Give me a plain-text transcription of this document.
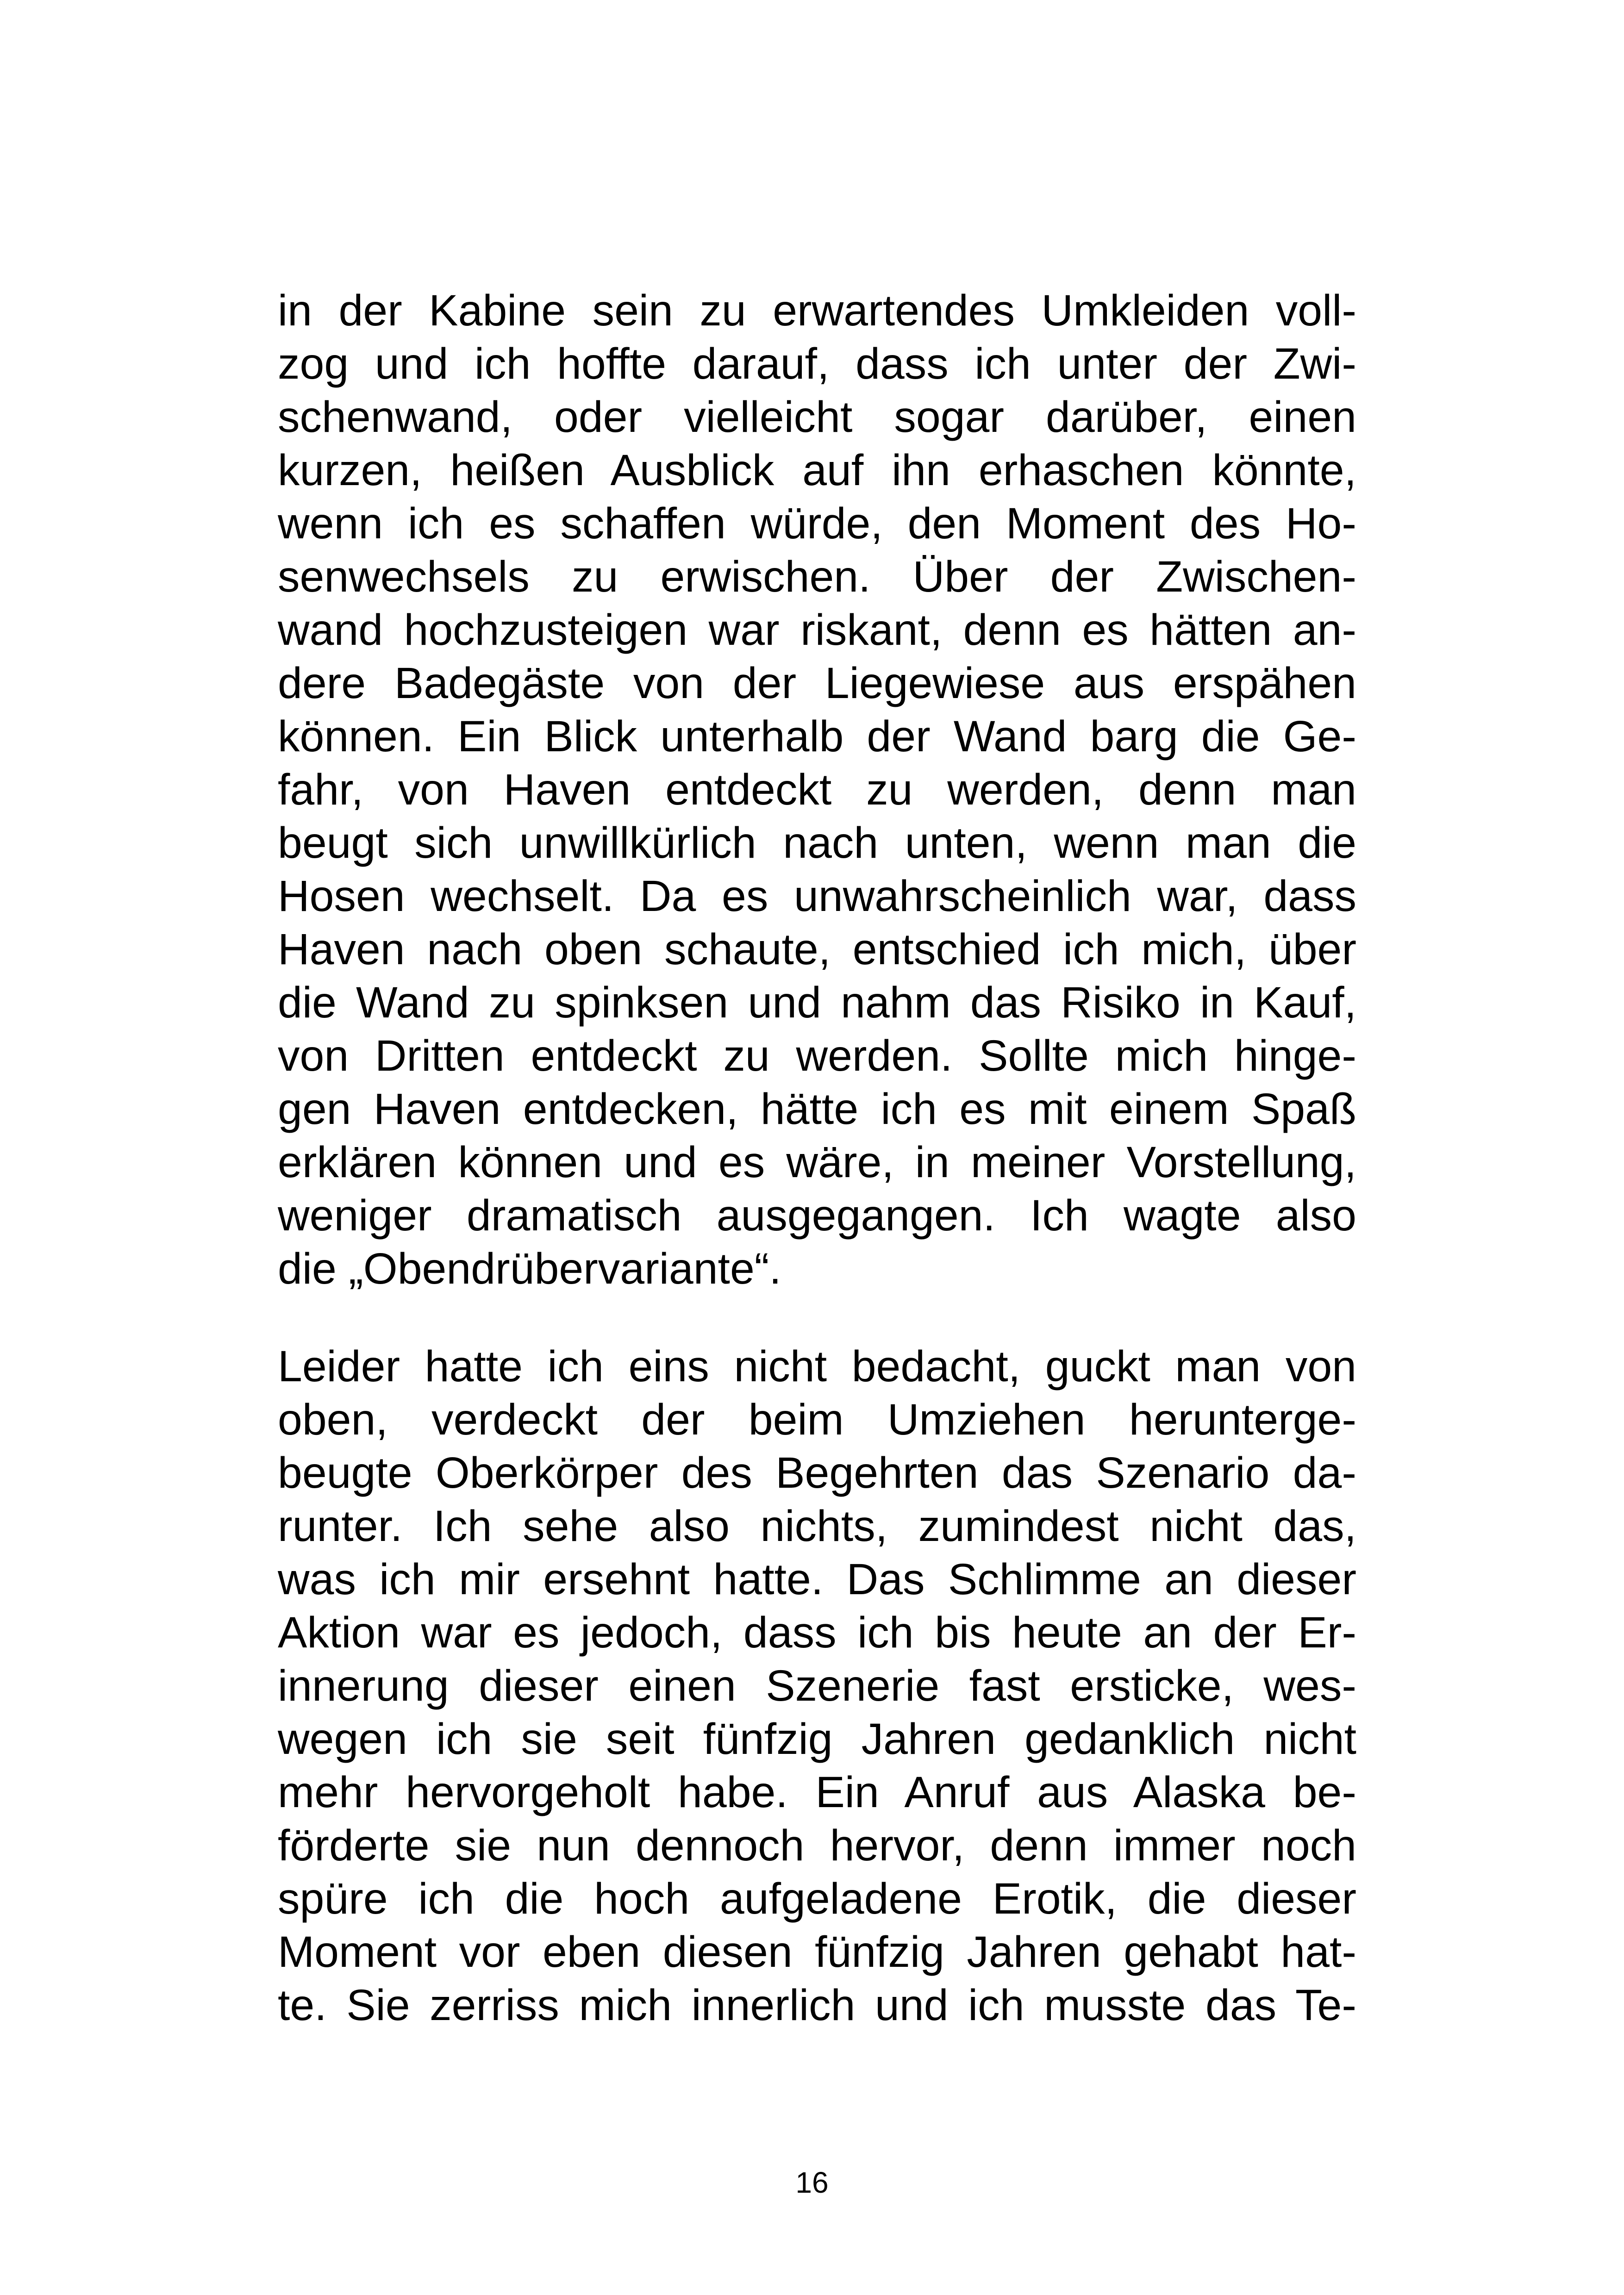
in der Kabine sein zu erwartendes Umkleiden voll-
zog und ich hoffte darauf, dass ich unter der Zwi-
schenwand, oder vielleicht sogar darüber, einen
kurzen, heißen Ausblick auf ihn erhaschen könnte,
wenn ich es schaffen würde, den Moment des Ho-
senwechsels zu erwischen. Über der Zwischen-
wand hochzusteigen war riskant, denn es hätten an-
dere Badegäste von der Liegewiese aus erspähen
können. Ein Blick unterhalb der Wand barg die Ge-
fahr, von Haven entdeckt zu werden, denn man
beugt sich unwillkürlich nach unten, wenn man die
Hosen wechselt. Da es unwahrscheinlich war, dass
Haven nach oben schaute, entschied ich mich, über
die Wand zu spinksen und nahm das Risiko in Kauf,
von Dritten entdeckt zu werden. Sollte mich hinge-
gen Haven entdecken, hätte ich es mit einem Spaß
erklären können und es wäre, in meiner Vorstellung,
weniger dramatisch ausgegangen. Ich wagte also
die „Obendrübervariante“.
Leider hatte ich eins nicht bedacht, guckt man von
oben, verdeckt der beim Umziehen herunterge-
beugte Oberkörper des Begehrten das Szenario da-
runter. Ich sehe also nichts, zumindest nicht das,
was ich mir ersehnt hatte. Das Schlimme an dieser
Aktion war es jedoch, dass ich bis heute an der Er-
innerung dieser einen Szenerie fast ersticke, wes-
wegen ich sie seit fünfzig Jahren gedanklich nicht
mehr hervorgeholt habe. Ein Anruf aus Alaska be-
förderte sie nun dennoch hervor, denn immer noch
spüre ich die hoch aufgeladene Erotik, die dieser
Moment vor eben diesen fünfzig Jahren gehabt hat-
te. Sie zerriss mich innerlich und ich musste das Te-
16
